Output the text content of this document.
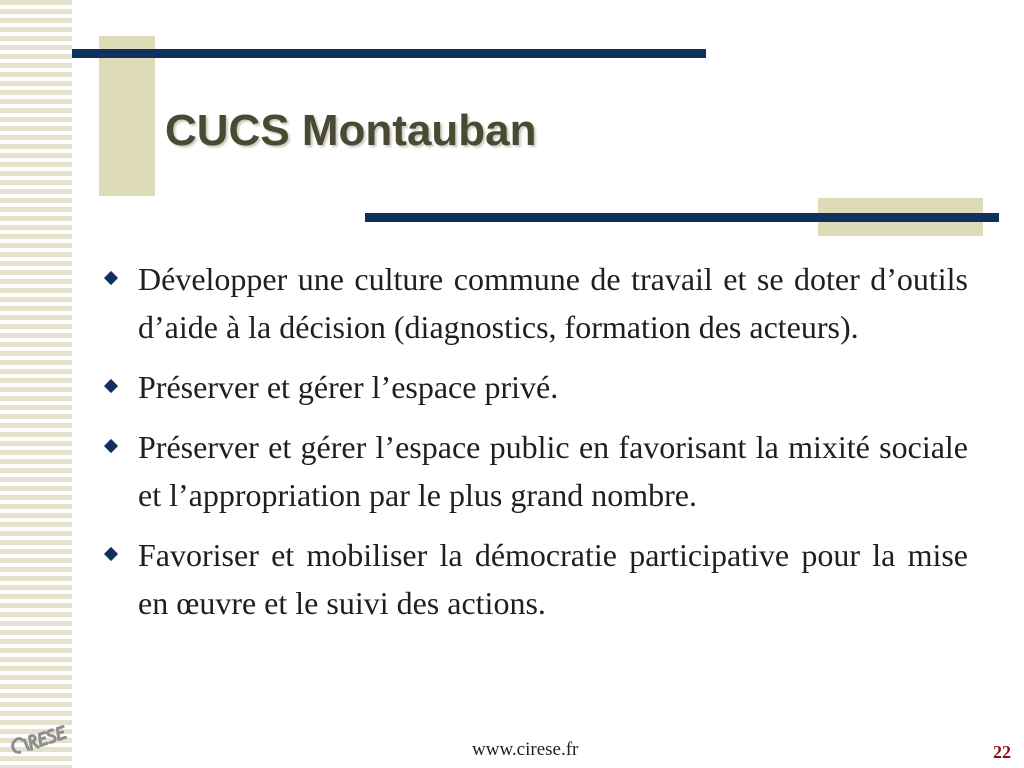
CUCS Montauban

Développer une culture commune de travail et se doter d’outils d’aide à la décision (diagnostics, formation des acteurs).

Préserver et gérer l’espace privé.

Préserver et gérer l’espace public en favorisant la mixité sociale et l’appropriation par le plus grand nombre.

Favoriser et mobiliser la démocratie participative pour la mise en œuvre et le suivi des actions.

www.cirese.fr	22
